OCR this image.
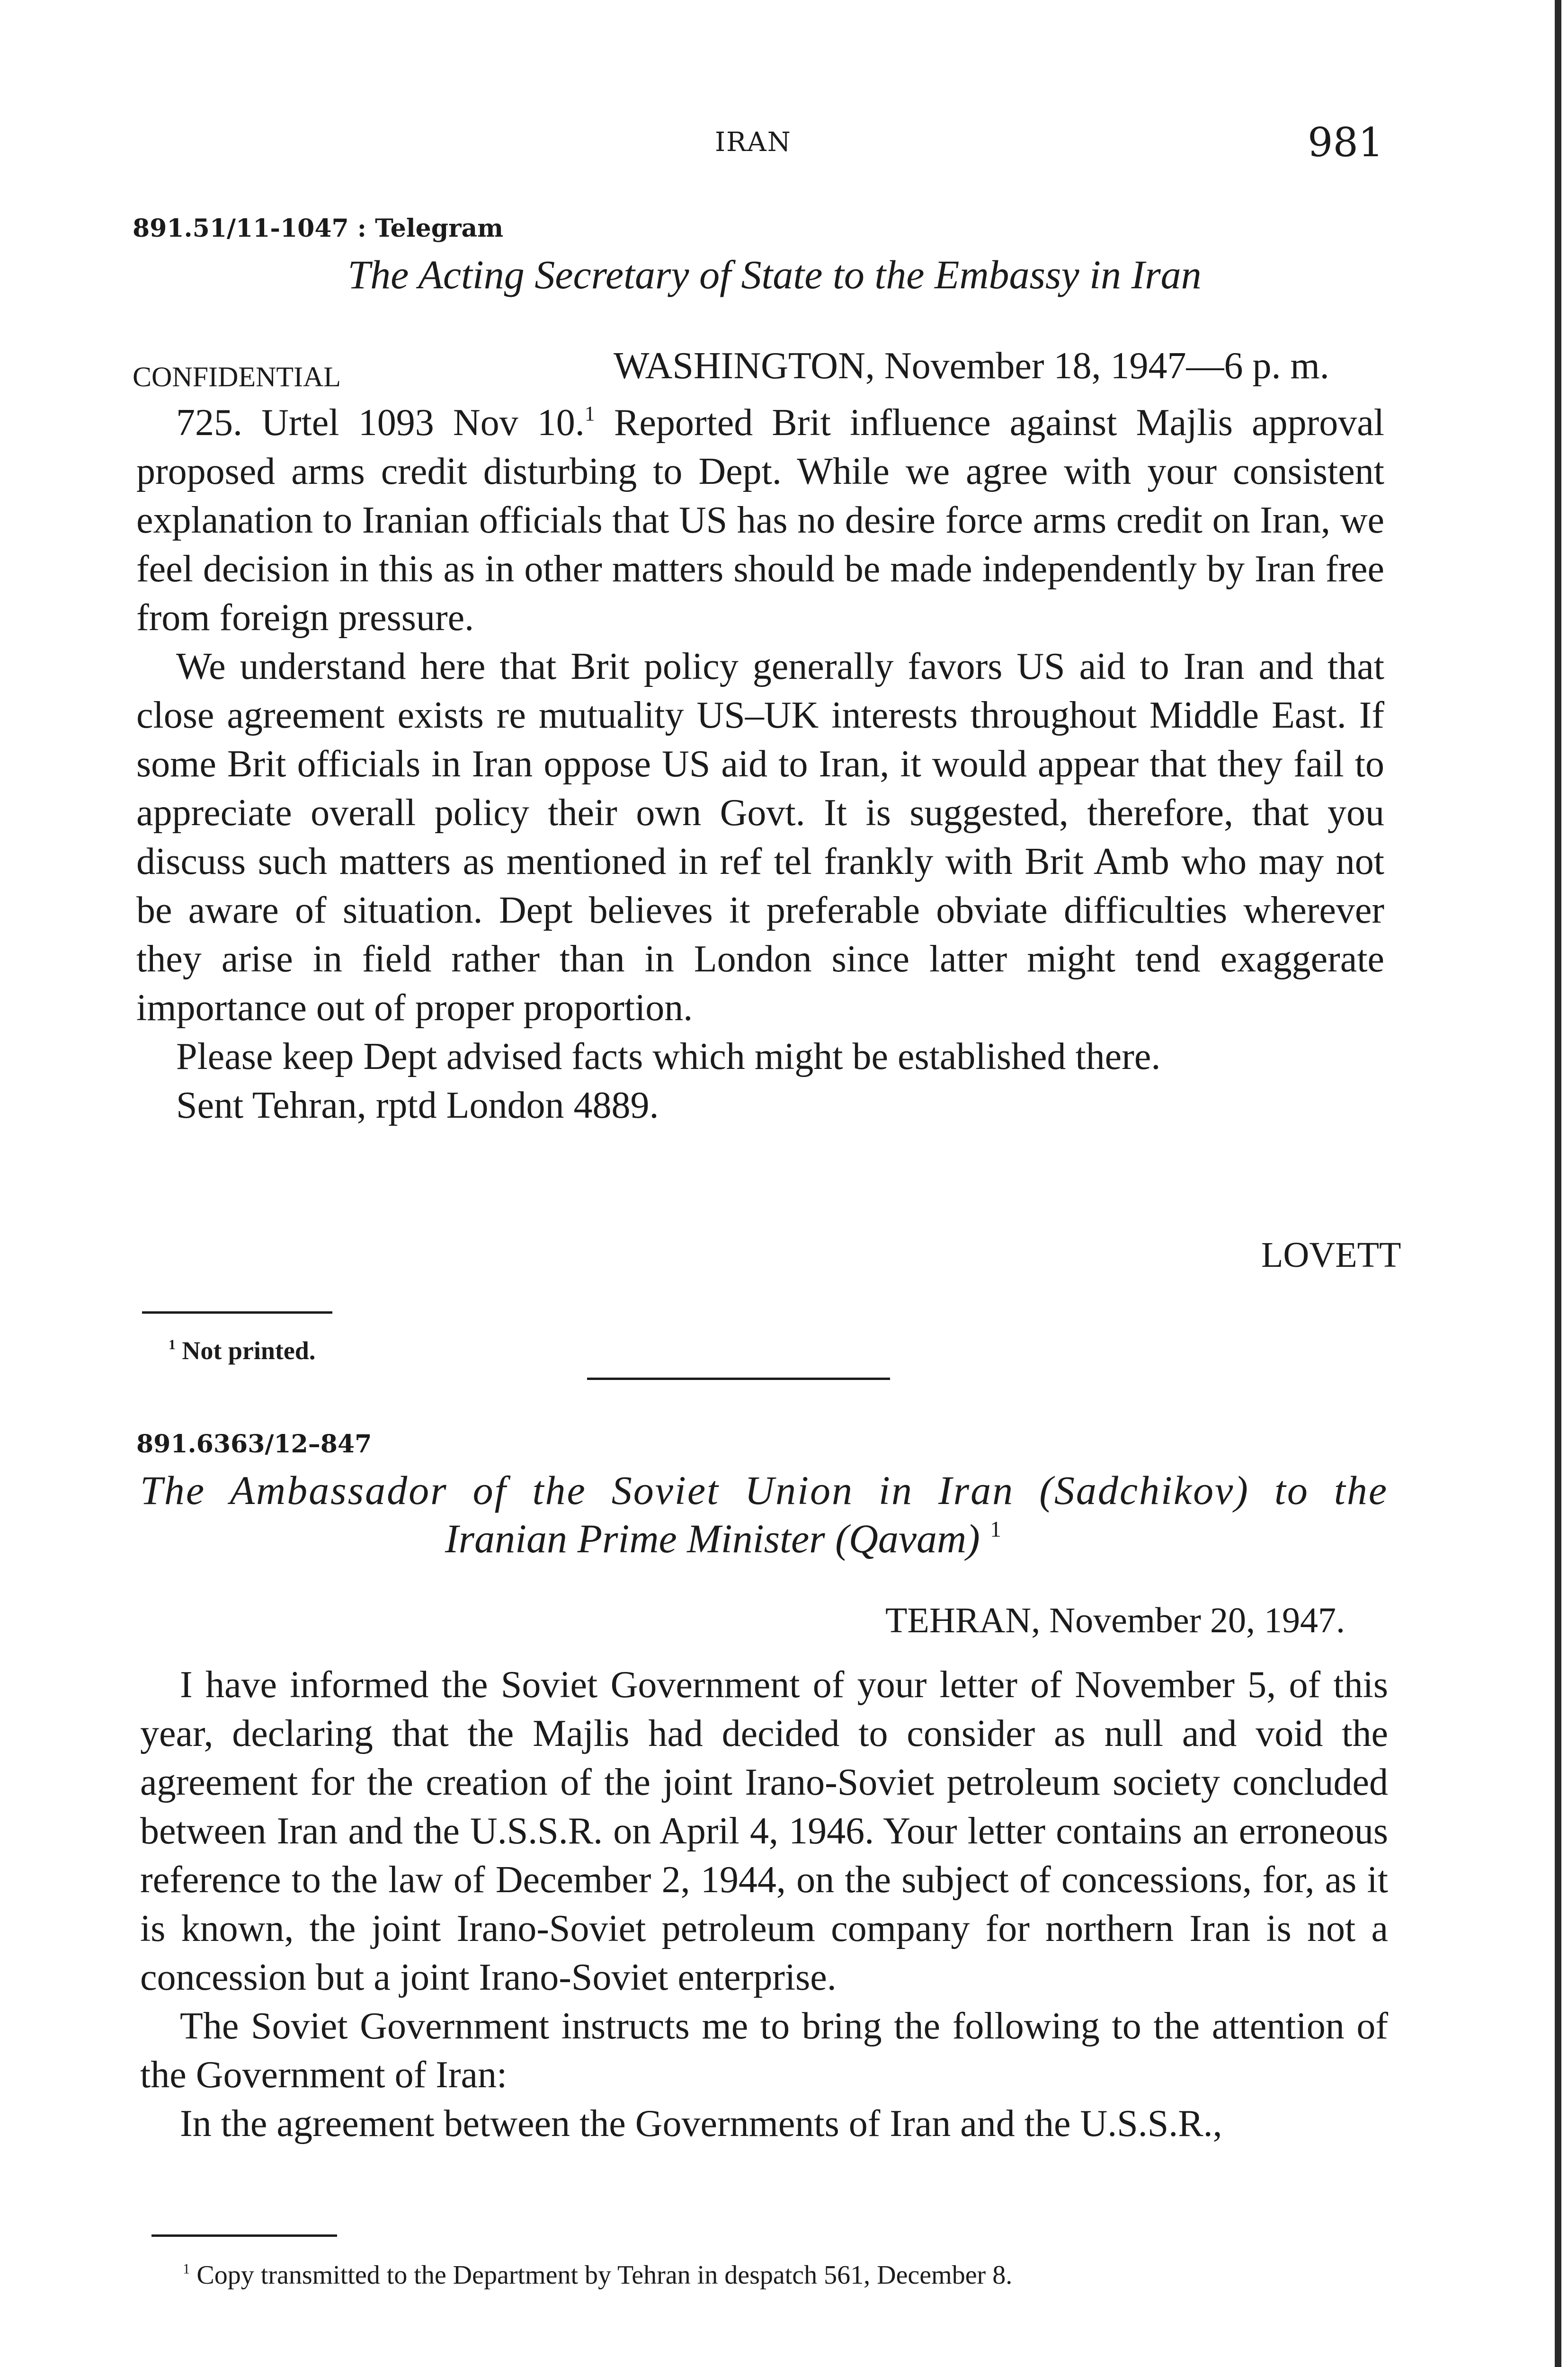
IRAN	981
891.51/11-1047 : Telegram
The Acting Secretary of State to the Embassy in Iran
CONFIDENTIAL	WASHINGTON, November 18, 1947—6 p. m.

725. Urtel 1093 Nov 10.$^1$ Reported Brit influence against Majlis approval proposed arms credit disturbing to Dept. While we agree with your consistent explanation to Iranian officials that US has no desire force arms credit on Iran, we feel decision in this as in other matters should be made independently by Iran free from foreign pressure.

We understand here that Brit policy generally favors US aid to Iran and that close agreement exists re mutuality US–UK interests throughout Middle East. If some Brit officials in Iran oppose US aid to Iran, it would appear that they fail to appreciate overall policy their own Govt. It is suggested, therefore, that you discuss such matters as mentioned in ref tel frankly with Brit Amb who may not be aware of situation. Dept believes it preferable obviate difficulties wherever they arise in field rather than in London since latter might tend exaggerate importance out of proper proportion.

Please keep Dept advised facts which might be established there.

Sent Tehran, rptd London 4889.

LOVETT
$^1$ Not printed.
891.6363/12–847
The Ambassador of the Soviet Union in Iran (Sadchikov) to the
Iranian Prime Minister (Qavam) $^1$
TEHRAN, November 20, 1947.

I have informed the Soviet Government of your letter of November 5, of this year, declaring that the Majlis had decided to consider as null and void the agreement for the creation of the joint Irano-Soviet petroleum society concluded between Iran and the U.S.S.R. on April 4, 1946. Your letter contains an erroneous reference to the law of December 2, 1944, on the subject of concessions, for, as it is known, the joint Irano-Soviet petroleum company for northern Iran is not a concession but a joint Irano-Soviet enterprise.

The Soviet Government instructs me to bring the following to the attention of the Government of Iran:

In the agreement between the Governments of Iran and the U.S.S.R.,

$^1$ Copy transmitted to the Department by Tehran in despatch 561, December 8.
